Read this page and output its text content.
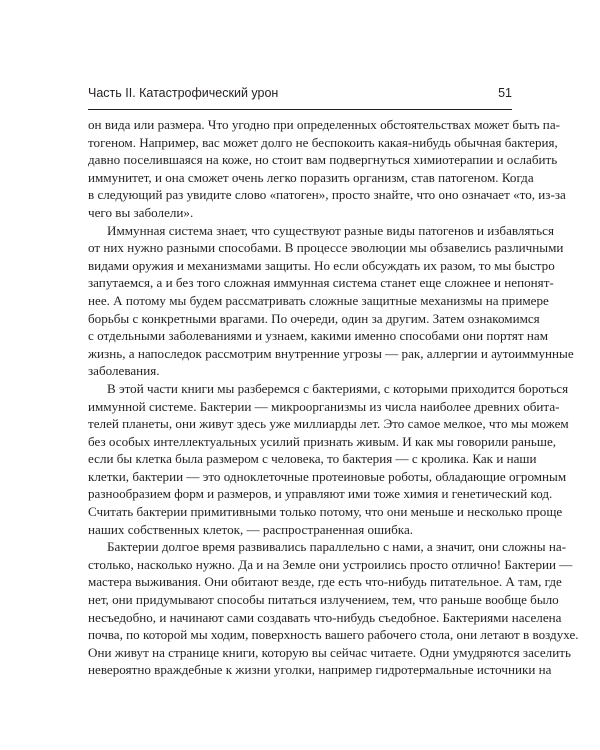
Часть II. Катастрофический урон	51

он вида или размера. Что угодно при определенных обстоятельствах может быть па-
тогеном. Например, вас может долго не беспокоить какая-нибудь обычная бактерия,
давно поселившаяся на коже, но стоит вам подвергнуться химиотерапии и ослабить
иммунитет, и она сможет очень легко поразить организм, став патогеном. Когда
в следующий раз увидите слово «патоген», просто знайте, что оно означает «то, из-за
чего вы заболели».

Иммунная система знает, что существуют разные виды патогенов и избавляться
от них нужно разными способами. В процессе эволюции мы обзавелись различными
видами оружия и механизмами защиты. Но если обсуждать их разом, то мы быстро
запутаемся, а и без того сложная иммунная система станет еще сложнее и непонят-
нее. А потому мы будем рассматривать сложные защитные механизмы на примере
борьбы с конкретными врагами. По очереди, один за другим. Затем ознакомимся
с отдельными заболеваниями и узнаем, какими именно способами они портят нам
жизнь, а напоследок рассмотрим внутренние угрозы — рак, аллергии и аутоиммунные
заболевания.

В этой части книги мы разберемся с бактериями, с которыми приходится бороться
иммунной системе. Бактерии — микроорганизмы из числа наиболее древних обита-
телей планеты, они живут здесь уже миллиарды лет. Это самое мелкое, что мы можем
без особых интеллектуальных усилий признать живым. И как мы говорили раньше,
если бы клетка была размером с человека, то бактерия — с кролика. Как и наши
клетки, бактерии — это одноклеточные протеиновые роботы, обладающие огромным
разнообразием форм и размеров, и управляют ими тоже химия и генетический код.
Считать бактерии примитивными только потому, что они меньше и несколько проще
наших собственных клеток, — распространенная ошибка.

Бактерии долгое время развивались параллельно с нами, а значит, они сложны на-
столько, насколько нужно. Да и на Земле они устроились просто отлично! Бактерии —
мастера выживания. Они обитают везде, где есть что-нибудь питательное. А там, где
нет, они придумывают способы питаться излучением, тем, что раньше вообще было
несъедобно, и начинают сами создавать что-нибудь съедобное. Бактериями населена
почва, по которой мы ходим, поверхность вашего рабочего стола, они летают в воздухе.
Они живут на странице книги, которую вы сейчас читаете. Одни умудряются заселить
невероятно враждебные к жизни уголки, например гидротермальные источники на
